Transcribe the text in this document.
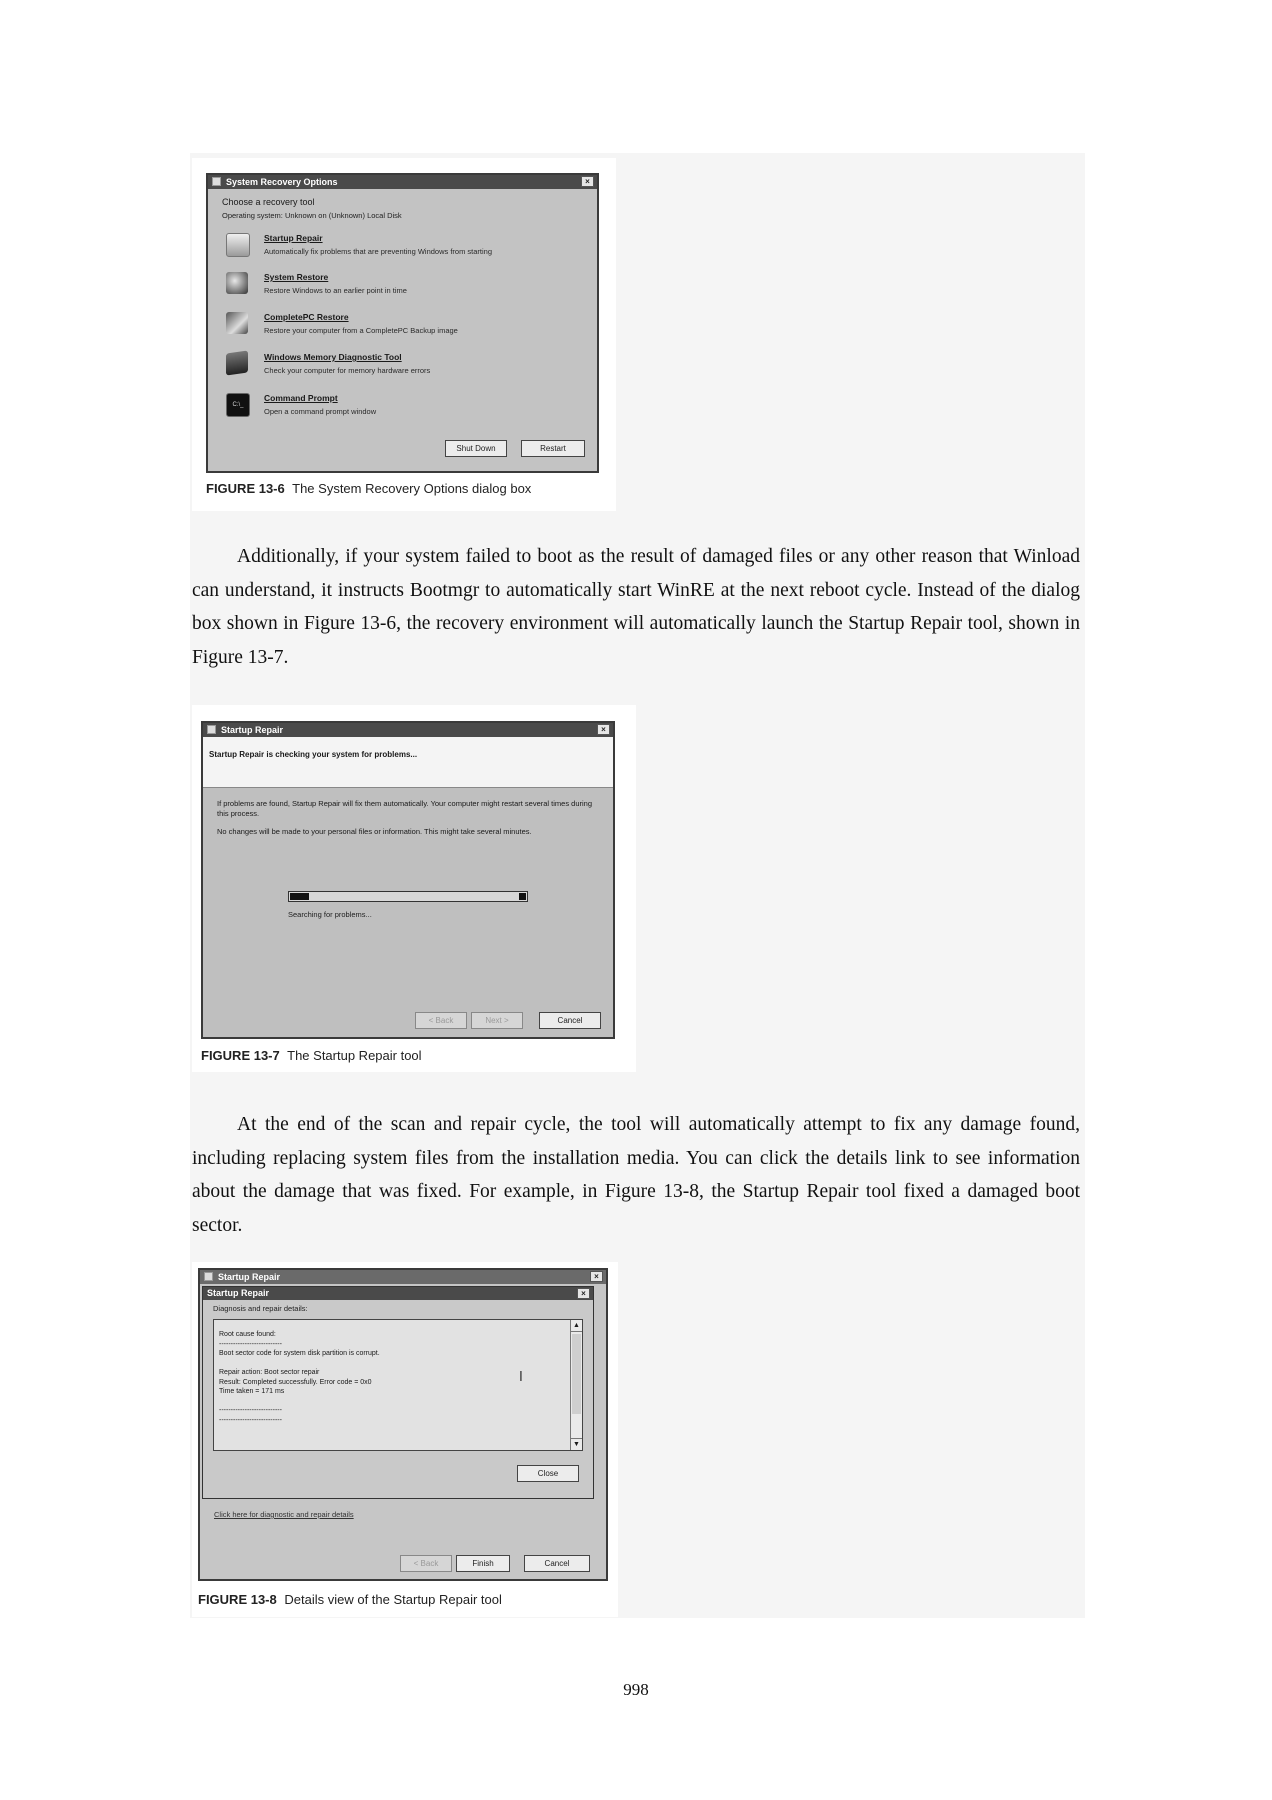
System Recovery Options	×
Choose a recovery tool
Operating system: Unknown on (Unknown) Local Disk
Startup Repair
Automatically fix problems that are preventing Windows from starting
System Restore
Restore Windows to an earlier point in time
CompletePC Restore
Restore your computer from a CompletePC Backup image
Windows Memory Diagnostic Tool
Check your computer for memory hardware errors
C:\_
Command Prompt
Open a command prompt window
Shut Down	Restart
FIGURE 13-6 The System Recovery Options dialog box

Additionally, if your system failed to boot as the result of damaged files or any other reason that Winload can understand, it instructs Bootmgr to automatically start WinRE at the next reboot cycle. Instead of the dialog box shown in Figure 13-6, the recovery environment will automatically launch the Startup Repair tool, shown in Figure 13-7.

Startup Repair	×
Startup Repair is checking your system for problems...
If problems are found, Startup Repair will fix them automatically. Your computer might restart several times during this process.
No changes will be made to your personal files or information. This might take several minutes.
Searching for problems...
< Back	Next >	Cancel
FIGURE 13-7 The Startup Repair tool

At the end of the scan and repair cycle, the tool will automatically attempt to fix any damage found, including replacing system files from the installation media. You can click the details link to see information about the damage that was fixed. For example, in Figure 13-8, the Startup Repair tool fixed a damaged boot sector.

Startup Repair	×
Startup Repair	×
Diagnosis and repair details:
Root cause found:
---------------------------
Boot sector code for system disk partition is corrupt.
Repair action: Boot sector repair
Result: Completed successfully. Error code = 0x0
Time taken = 171 ms
---------------------------
---------------------------
I
▲
▼
Close
Click here for diagnostic and repair details
< Back	Finish	Cancel
FIGURE 13-8 Details view of the Startup Repair tool
998
